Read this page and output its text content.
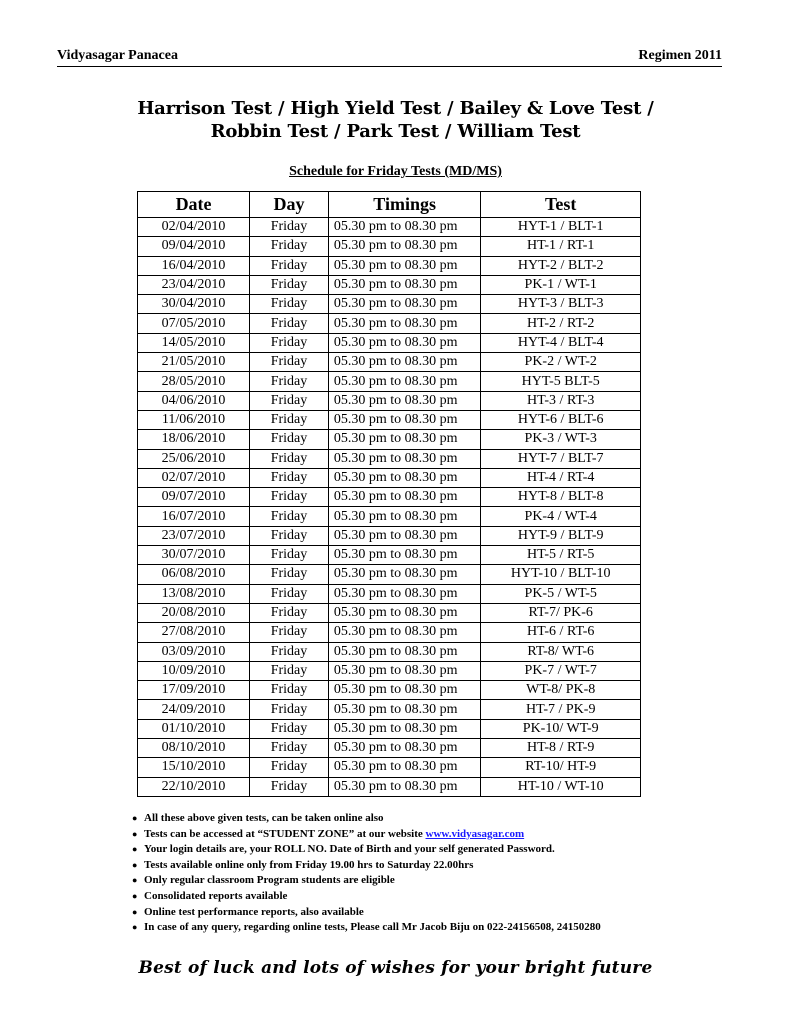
Vidyasagar Panacea	Regimen 2011
Harrison Test / High Yield Test / Bailey & Love Test /
Robbin Test / Park Test / William Test
Schedule for Friday Tests (MD/MS)
Date	Day	Timings	Test
02/04/2010	Friday	05.30 pm to 08.30 pm	HYT-1 / BLT-1
09/04/2010	Friday	05.30 pm to 08.30 pm	HT-1 / RT-1
16/04/2010	Friday	05.30 pm to 08.30 pm	HYT-2 / BLT-2
23/04/2010	Friday	05.30 pm to 08.30 pm	PK-1 / WT-1
30/04/2010	Friday	05.30 pm to 08.30 pm	HYT-3 / BLT-3
07/05/2010	Friday	05.30 pm to 08.30 pm	HT-2 / RT-2
14/05/2010	Friday	05.30 pm to 08.30 pm	HYT-4 / BLT-4
21/05/2010	Friday	05.30 pm to 08.30 pm	PK-2 / WT-2
28/05/2010	Friday	05.30 pm to 08.30 pm	HYT-5 BLT-5
04/06/2010	Friday	05.30 pm to 08.30 pm	HT-3 / RT-3
11/06/2010	Friday	05.30 pm to 08.30 pm	HYT-6 / BLT-6
18/06/2010	Friday	05.30 pm to 08.30 pm	PK-3 / WT-3
25/06/2010	Friday	05.30 pm to 08.30 pm	HYT-7 / BLT-7
02/07/2010	Friday	05.30 pm to 08.30 pm	HT-4 / RT-4
09/07/2010	Friday	05.30 pm to 08.30 pm	HYT-8 / BLT-8
16/07/2010	Friday	05.30 pm to 08.30 pm	PK-4 / WT-4
23/07/2010	Friday	05.30 pm to 08.30 pm	HYT-9 / BLT-9
30/07/2010	Friday	05.30 pm to 08.30 pm	HT-5 / RT-5
06/08/2010	Friday	05.30 pm to 08.30 pm	HYT-10 / BLT-10
13/08/2010	Friday	05.30 pm to 08.30 pm	PK-5 / WT-5
20/08/2010	Friday	05.30 pm to 08.30 pm	RT-7/ PK-6
27/08/2010	Friday	05.30 pm to 08.30 pm	HT-6 / RT-6
03/09/2010	Friday	05.30 pm to 08.30 pm	RT-8/ WT-6
10/09/2010	Friday	05.30 pm to 08.30 pm	PK-7 / WT-7
17/09/2010	Friday	05.30 pm to 08.30 pm	WT-8/ PK-8
24/09/2010	Friday	05.30 pm to 08.30 pm	HT-7 / PK-9
01/10/2010	Friday	05.30 pm to 08.30 pm	PK-10/ WT-9
08/10/2010	Friday	05.30 pm to 08.30 pm	HT-8 / RT-9
15/10/2010	Friday	05.30 pm to 08.30 pm	RT-10/ HT-9
22/10/2010	Friday	05.30 pm to 08.30 pm	HT-10 / WT-10
● All these above given tests, can be taken online also
● Tests can be accessed at “STUDENT ZONE” at our website www.vidyasagar.com
● Your login details are, your ROLL NO. Date of Birth and your self generated Password.
● Tests available online only from Friday 19.00 hrs to Saturday 22.00hrs
● Only regular classroom Program students are eligible
● Consolidated reports available
● Online test performance reports, also available
● In case of any query, regarding online tests, Please call Mr Jacob Biju on 022-24156508, 24150280
Best of luck and lots of wishes for your bright future
